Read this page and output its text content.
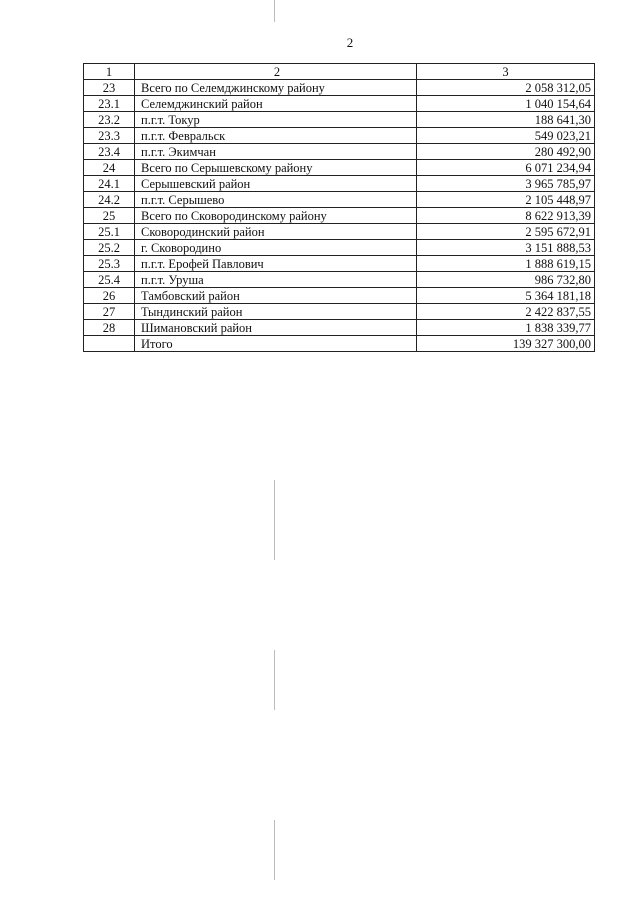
2
1	2	3
23	Всего по Селемджинскому району	2 058 312,05
23.1	Селемджинский район	1 040 154,64
23.2	п.г.т. Токур	188 641,30
23.3	п.г.т. Февральск	549 023,21
23.4	п.г.т. Экимчан	280 492,90
24	Всего по Серышевскому району	6 071 234,94
24.1	Серышевский район	3 965 785,97
24.2	п.г.т. Серышево	2 105 448,97
25	Всего по Сковородинскому району	8 622 913,39
25.1	Сковородинский район	2 595 672,91
25.2	г. Сковородино	3 151 888,53
25.3	п.г.т. Ерофей Павлович	1 888 619,15
25.4	п.г.т. Уруша	986 732,80
26	Тамбовский район	5 364 181,18
27	Тындинский район	2 422 837,55
28	Шимановский район	1 838 339,77
	Итого	139 327 300,00
